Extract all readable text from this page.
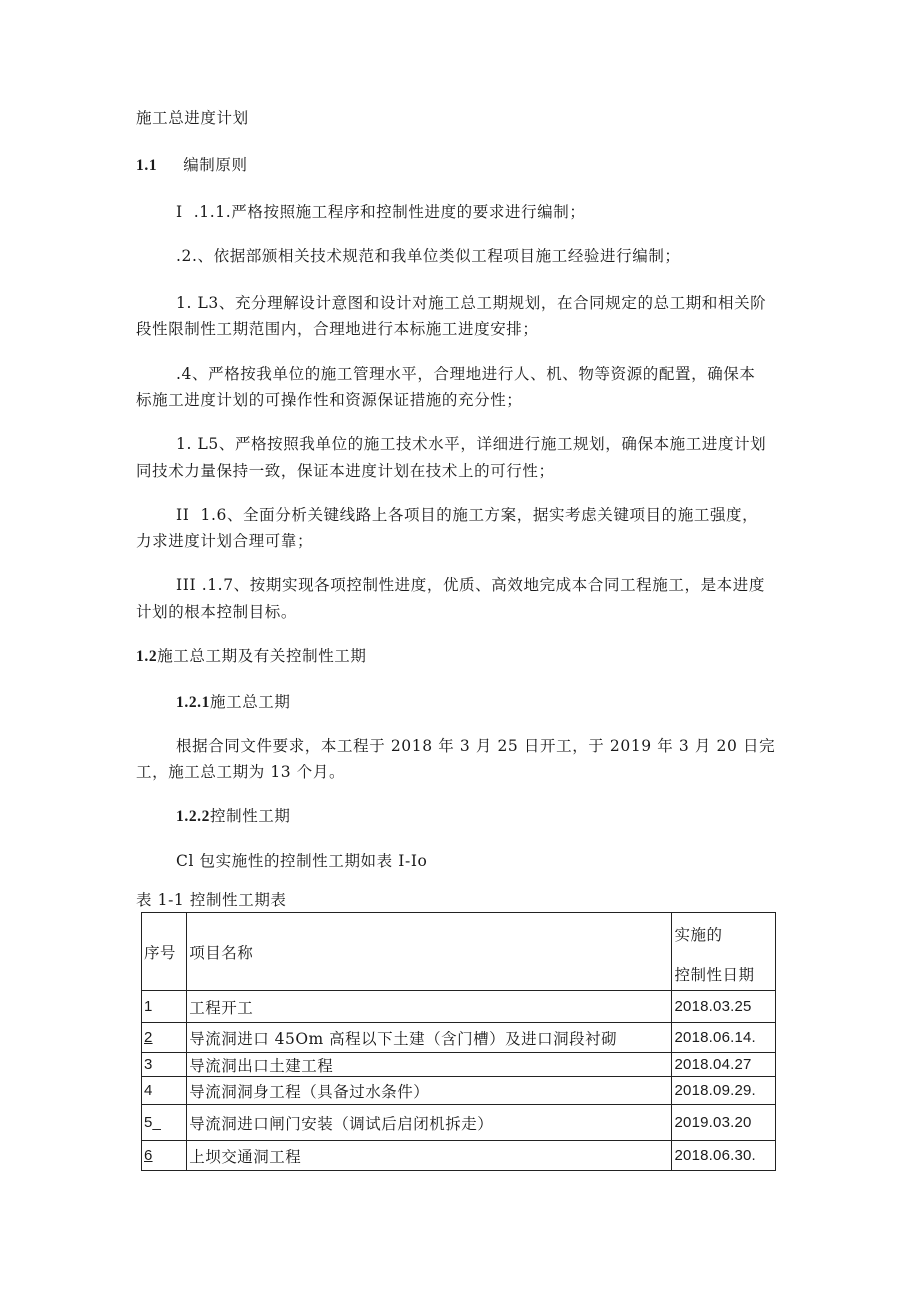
施工总进度计划
1.1 编制原则
I  .1.1.严格按照施工程序和控制性进度的要求进行编制；
.2.、依据部颁相关技术规范和我单位类似工程项目施工经验进行编制；
1. L3、充分理解设计意图和设计对施工总工期规划，在合同规定的总工期和相关阶
段性限制性工期范围内，合理地进行本标施工进度安排；
.4、严格按我单位的施工管理水平，合理地进行人、机、物等资源的配置，确保本
标施工进度计划的可操作性和资源保证措施的充分性；
1. L5、严格按照我单位的施工技术水平，详细进行施工规划，确保本施工进度计划
同技术力量保持一致，保证本进度计划在技术上的可行性；
II  1.6、全面分析关键线路上各项目的施工方案，据实考虑关键项目的施工强度，
力求进度计划合理可靠；
III .1.7、按期实现各项控制性进度，优质、高效地完成本合同工程施工，是本进度
计划的根本控制目标。
1.2施工总工期及有关控制性工期
1.2.1施工总工期
根据合同文件要求，本工程于 2018 年 3 月 25 日开工，于 2019 年 3 月 20 日完
工，施工总工期为 13 个月。
1.2.2控制性工期
Cl 包实施性的控制性工期如表 I-Io
表 1-1 控制性工期表
序号	项目名称	实施的
控制性日期

1	工程开工	2018.03.25
2	导流洞进口 45Om 高程以下土建（含门槽）及进口洞段衬砌	2018.06.14.
3	导流洞出口土建工程	2018.04.27
4	导流洞洞身工程（具备过水条件）	2018.09.29.
5_	导流洞进口闸门安装（调试后启闭机拆走）	2019.03.20
6	上坝交通洞工程	2018.06.30.
